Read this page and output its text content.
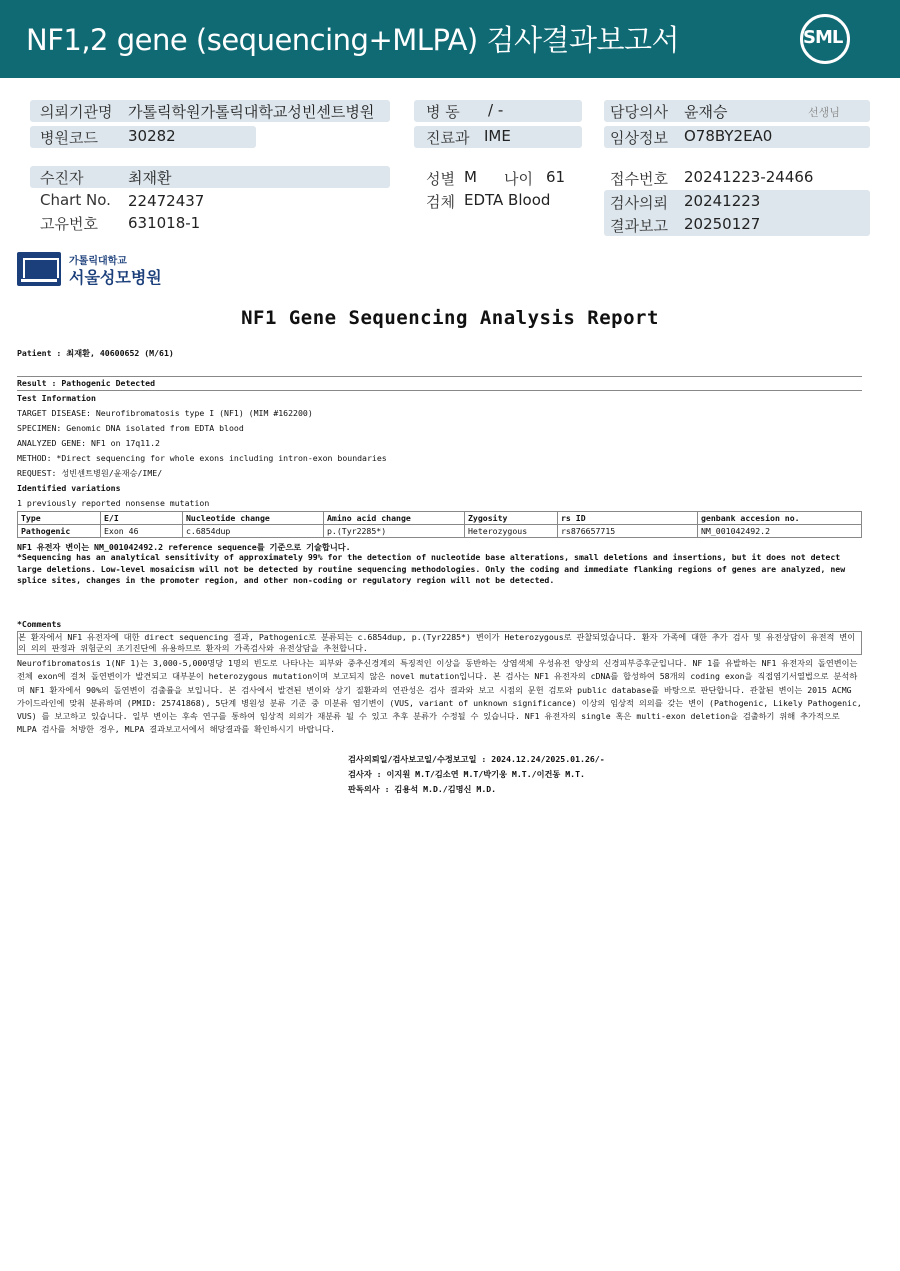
NF1,2 gene (sequencing+MLPA) 검사결과보고서	SML
의뢰기관명 가톨릭학원가톨릭대학교성빈센트병원
병원코드 30282
병 동 / -
진료과 IME
담당의사 윤재승	선생님
임상정보 O78BY2EA0
수진자	최재환
Chart No. 22472437
고유번호 631018-1
성별 M 나이 61
검체 EDTA Blood
접수번호 20241223-24466
검사의뢰 20241223
결과보고 20250127
가톨릭대학교
서울성모병원
NF1 Gene Sequencing Analysis Report
Patient : 최재환, 40600652 (M/61)
Result : Pathogenic Detected
Test Information
TARGET DISEASE: Neurofibromatosis type I (NF1) (MIM #162200)
SPECIMEN: Genomic DNA isolated from EDTA blood
ANALYZED GENE: NF1 on 17q11.2
METHOD: *Direct sequencing for whole exons including intron-exon boundaries
REQUEST: 성빈센트병원/윤재승/IME/
Identified variations
1 previously reported nonsense mutation
Type	E/I	Nucleotide change	Amino acid change	Zygosity	rs ID	genbank accesion no.
Pathogenic	Exon 46	c.6854dup	p.(Tyr2285*)	Heterozygous	rs876657715	NM_001042492.2
NF1 유전자 변이는 NM_001042492.2 reference sequence를 기준으로 기술합니다.
*Sequencing has an analytical sensitivity of approximately 99% for the detection of nucleotide base alterations, small deletions and insertions, but it does not detect large deletions. Low-level mosaicism will not be detected by routine sequencing methodologies. Only the coding and immediate flanking regions of genes are analyzed, new splice sites, changes in the promoter region, and other non-coding or regulatory region will not be detected.
*Comments
본 환자에서 NF1 유전자에 대한 direct sequencing 결과, Pathogenic로 분류되는 c.6854dup, p.(Tyr2285*) 변이가 Heterozygous로 관찰되었습니다. 환자 가족에 대한 추가 검사 및 유전상담이 유전적 변이의 의의 판정과 위험군의 조기진단에 유용하므로 환자의 가족검사와 유전상담을 추천합니다.
Neurofibromatosis 1(NF 1)는 3,000-5,000명당 1명의 빈도로 나타나는 피부와 중추신경계의 특징적인 이상을 동반하는 상염색체 우성유전 양상의 신경피부증후군입니다. NF 1를 유발하는 NF1 유전자의 돌연변이는 전체 exon에 걸쳐 돌연변이가 발견되고 대부분이 heterozygous mutation이며 보고되지 않은 novel mutation입니다. 본 검사는 NF1 유전자의 cDNA를 합성하여 58개의 coding exon을 직접염기서열법으로 분석하며 NF1 환자에서 90%의 돌연변이 검출률을 보입니다. 본 검사에서 발견된 변이와 상기 질환과의 연관성은 검사 결과와 보고 시점의 문헌 검토와 public database를 바탕으로 판단합니다. 관찰된 변이는 2015 ACMG 가이드라인에 맞춰 분류하며 (PMID: 25741868), 5단계 병원성 분류 기준 중 미분류 염기변이 (VUS, variant of unknown significance) 이상의 임상적 의의를 갖는 변이 (Pathogenic, Likely Pathogenic, VUS) 를 보고하고 있습니다. 일부 변이는 후속 연구를 통하여 임상적 의의가 재분류 될 수 있고 추후 분류가 수정될 수 있습니다. NF1 유전자의 single 혹은 multi-exon deletion을 검출하기 위해 추가적으로 MLPA 검사를 처방한 경우, MLPA 결과보고서에서 해당결과를 확인하시기 바랍니다.
검사의뢰일/검사보고일/수정보고일 : 2024.12.24/2025.01.26/-
검사자 : 이지원 M.T/김소연 M.T/박기웅 M.T./이건동 M.T.
판독의사 : 김용석 M.D./김명신 M.D.
